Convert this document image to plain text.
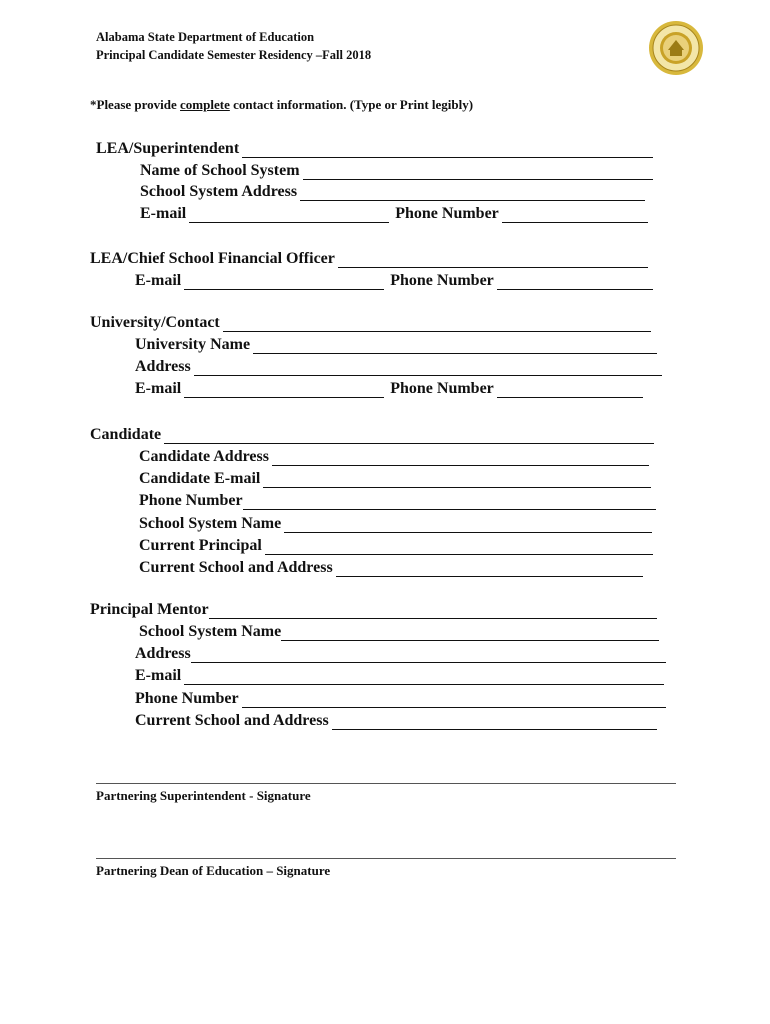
Alabama State Department of Education
Principal Candidate Semester Residency –Fall 2018
*Please provide complete contact information. (Type or Print legibly)
LEA/Superintendent
Name of School System
School System Address
E-mail	Phone Number
LEA/Chief School Financial Officer
E-mail	Phone Number
University/Contact
University Name
Address
E-mail	Phone Number
Candidate
Candidate Address
Candidate E-mail
Phone Number
School System Name
Current Principal
Current School and Address
Principal Mentor
School System Name
Address
E-mail
Phone Number
Current School and Address
Partnering Superintendent - Signature
Partnering Dean of Education – Signature
